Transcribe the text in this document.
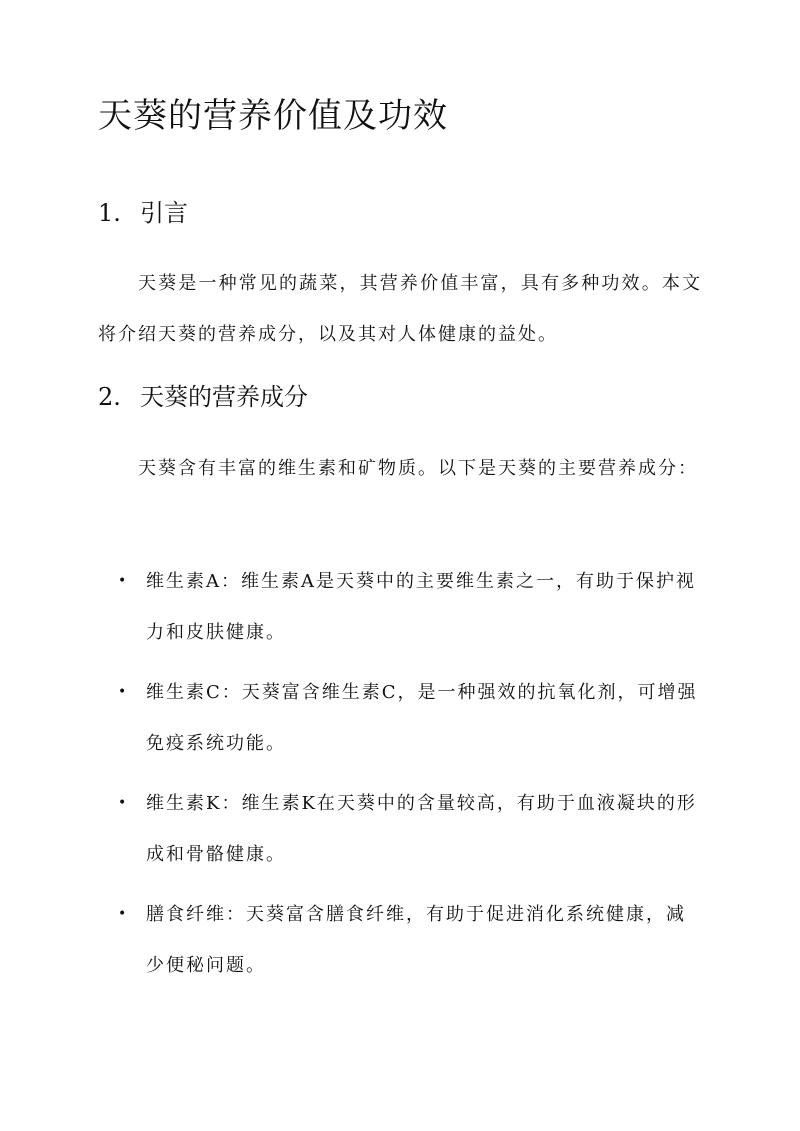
天葵的营养价值及功效
1. 引言

天葵是一种常见的蔬菜，其营养价值丰富，具有多种功效。本文将介绍天葵的营养成分，以及其对人体健康的益处。

2. 天葵的营养成分

天葵含有丰富的维生素和矿物质。以下是天葵的主要营养成分：

• 维生素A：维生素A是天葵中的主要维生素之一，有助于保护视力和皮肤健康。
• 维生素C：天葵富含维生素C，是一种强效的抗氧化剂，可增强免疫系统功能。
• 维生素K：维生素K在天葵中的含量较高，有助于血液凝块的形成和骨骼健康。
• 膳食纤维：天葵富含膳食纤维，有助于促进消化系统健康，减少便秘问题。
